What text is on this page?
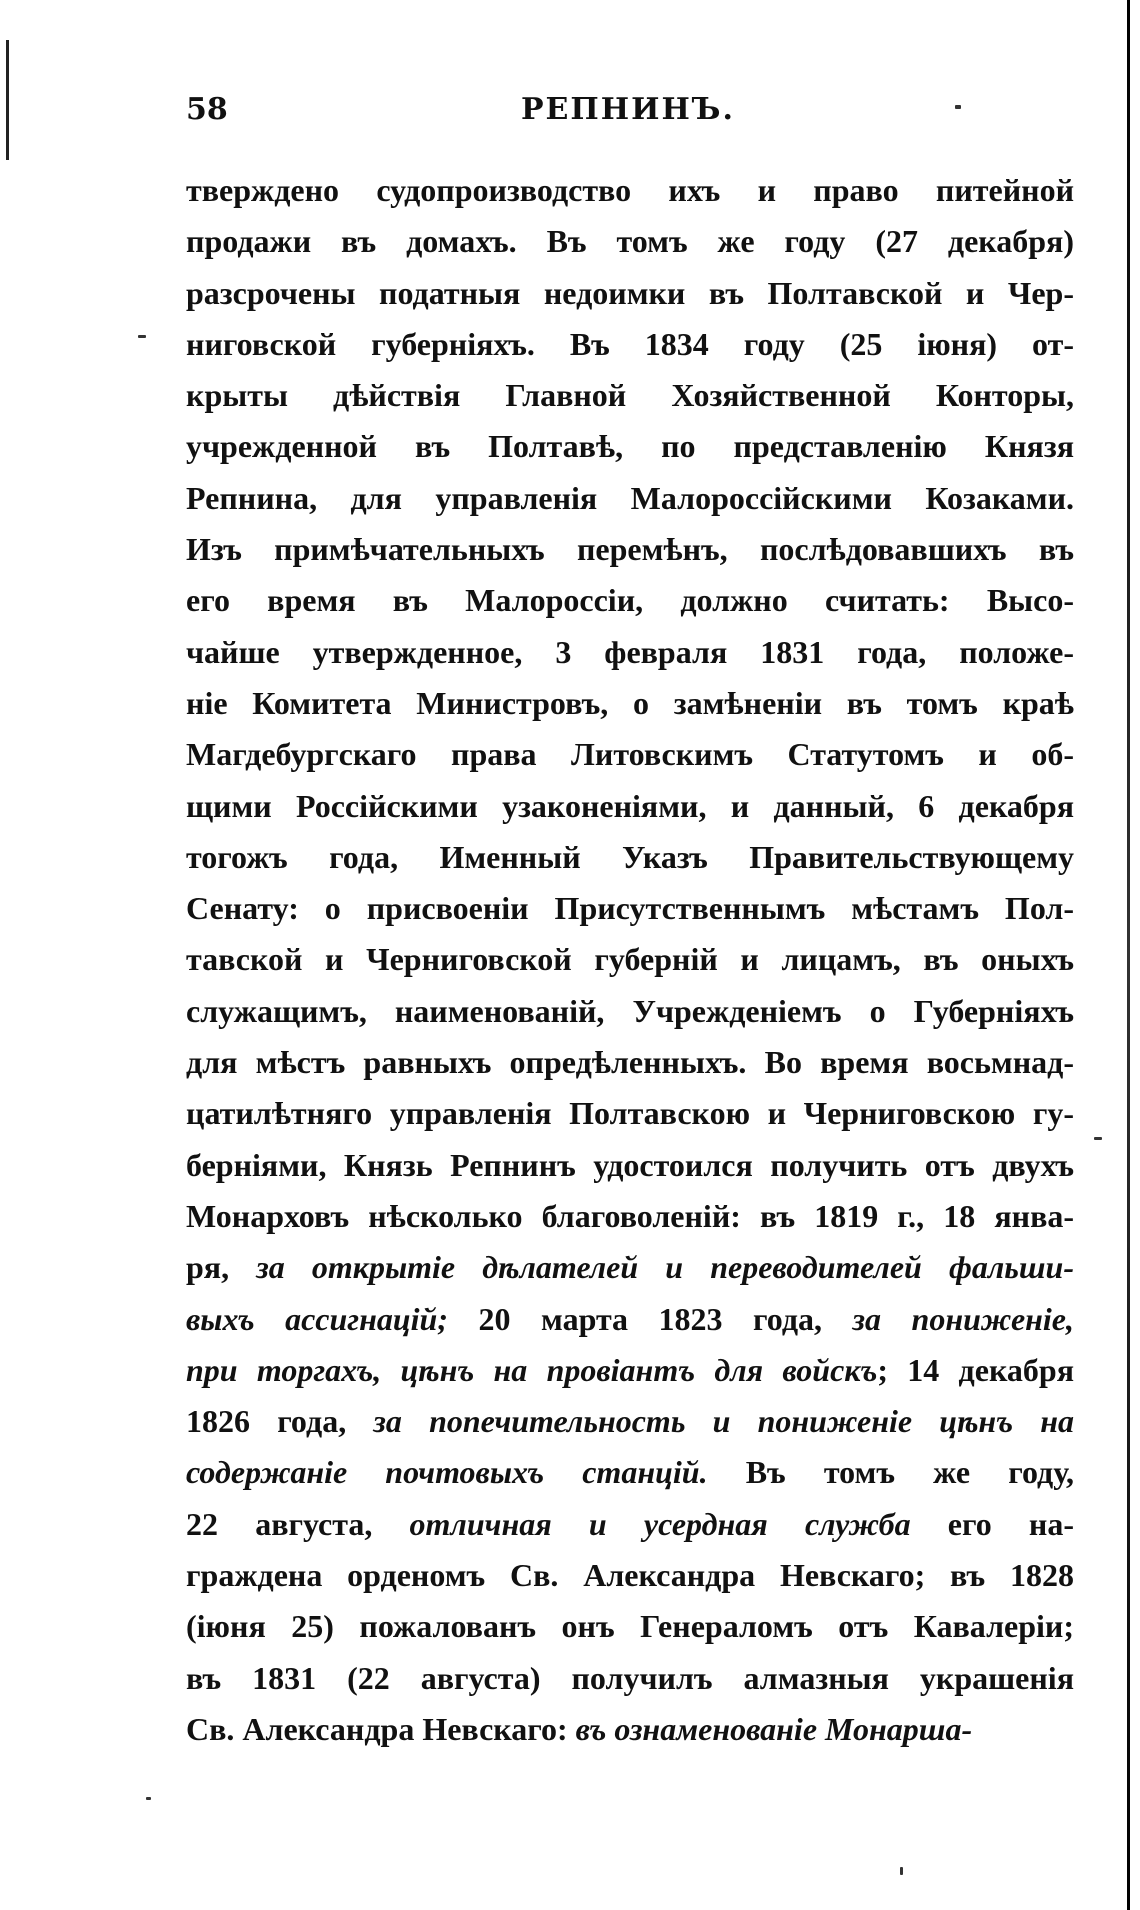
58	РЕПНИНЪ.
тверждено судопроизводство ихъ и право питейной
продажи въ домахъ. Въ томъ же году (27 декабря)
разсрочены податныя недоимки въ Полтавской и Чер-
ниговской губерніяхъ. Въ 1834 году (25 іюня) от-
крыты дѣйствія Главной Хозяйственной Конторы,
учрежденной въ Полтавѣ, по представленію Князя
Репнина, для управленія Малороссійскими Козаками.
Изъ примѣчательныхъ перемѣнъ, послѣдовавшихъ въ
его время въ Малороссіи, должно считать: Высо-
чайше утвержденное, 3 февраля 1831 года, положе-
ніе Комитета Министровъ, о замѣненіи въ томъ краѣ
Магдебургскаго права Литовскимъ Статутомъ и об-
щими Россійскими узаконеніями, и данный, 6 декабря
тогожъ года, Именный Указъ Правительствующему
Сенату: о присвоеніи Присутственнымъ мѣстамъ Пол-
тавской и Черниговской губерній и лицамъ, въ оныхъ
служащимъ, наименованій, Учрежденіемъ о Губерніяхъ
для мѣстъ равныхъ опредѣленныхъ. Во время восьмнад-
цатилѣтняго управленія Полтавскою и Черниговскою гу-
берніями, Князь Репнинъ удостоился получить отъ двухъ
Монарховъ нѣсколько благоволеній: въ 1819 г., 18 янва-
ря, за открытіе дѣлателей и переводителей фальши-
выхъ ассигнацій; 20 марта 1823 года, за пониженіе,
при торгахъ, цѣнъ на провіантъ для войскъ; 14 декабря
1826 года, за попечительность и пониженіе цѣнъ на
содержаніе почтовыхъ станцій. Въ томъ же году,
22 августа, отличная и усердная служба его на-
граждена орденомъ Св. Александра Невскаго; въ 1828
(іюня 25) пожалованъ онъ Генераломъ отъ Кавалеріи;
въ 1831 (22 августа) получилъ алмазныя украшенія
Св. Александра Невскаго: въ ознаменованіе Монарша-
